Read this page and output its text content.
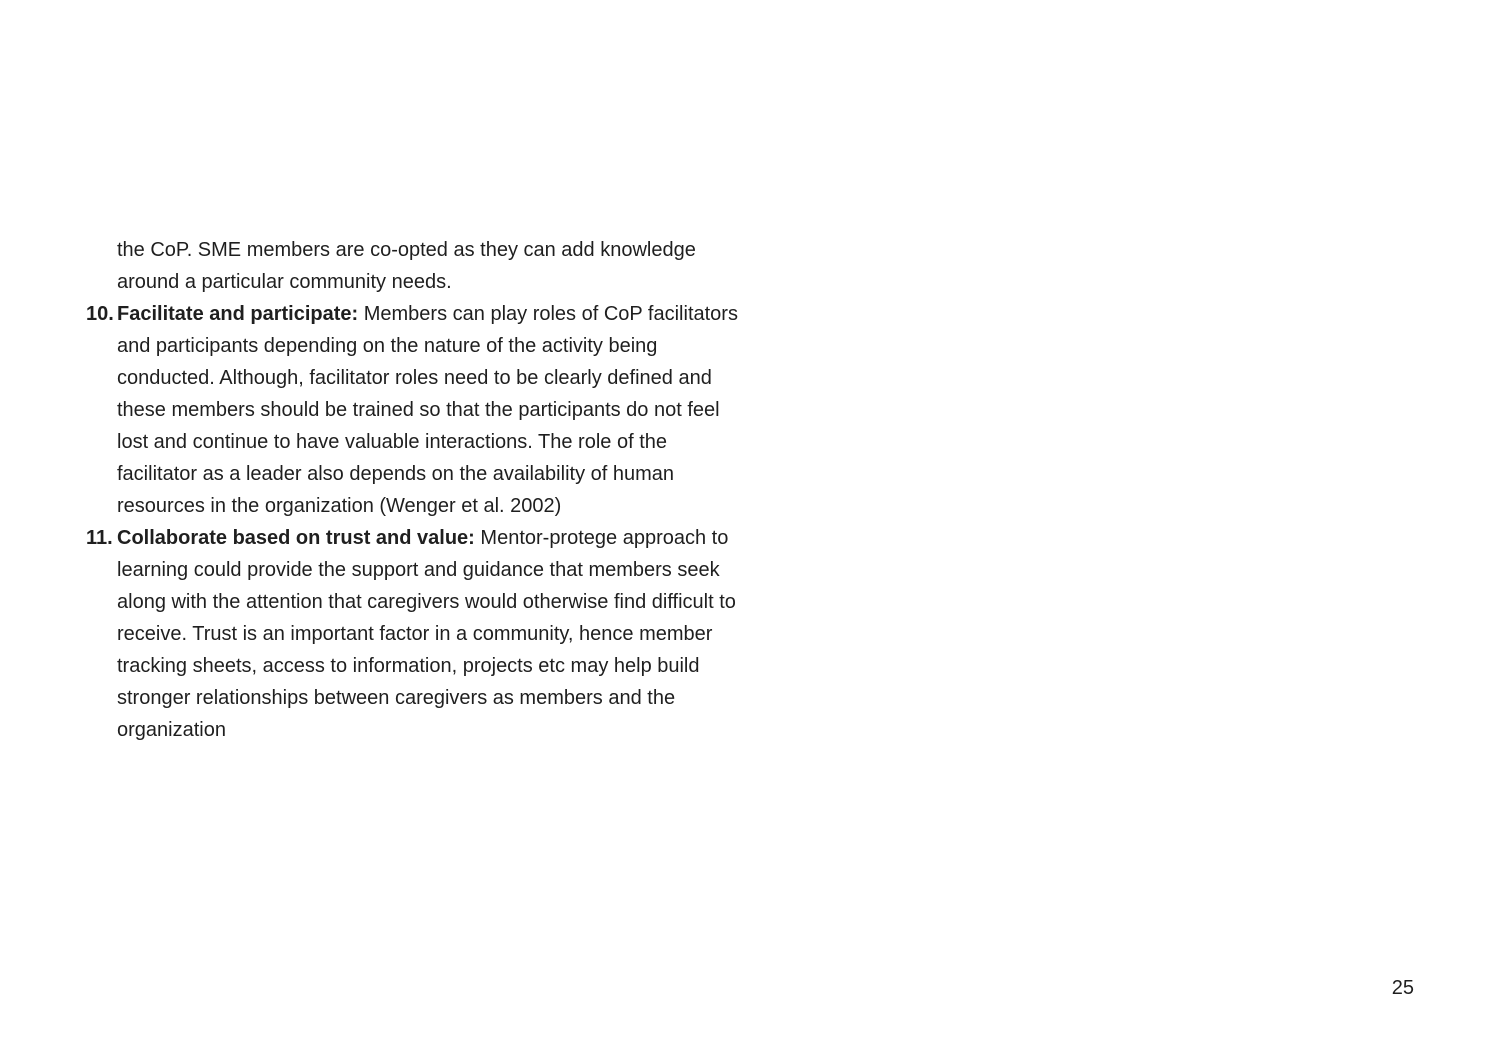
the CoP. SME members are co-opted as they can add knowledge around a particular community needs.

10. Facilitate and participate: Members can play roles of CoP facilitators and participants depending on the nature of the activity being conducted. Although, facilitator roles need to be clearly defined and these members should be trained so that the participants do not feel lost and continue to have valuable interactions. The role of the facilitator as a leader also depends on the availability of human resources in the organization (Wenger et al. 2002)
11. Collaborate based on trust and value: Mentor-protege approach to learning could provide the support and guidance that members seek along with the attention that caregivers would otherwise find difficult to receive. Trust is an important factor in a community, hence member tracking sheets, access to information, projects etc may help build stronger relationships between caregivers as members and the organization
25
